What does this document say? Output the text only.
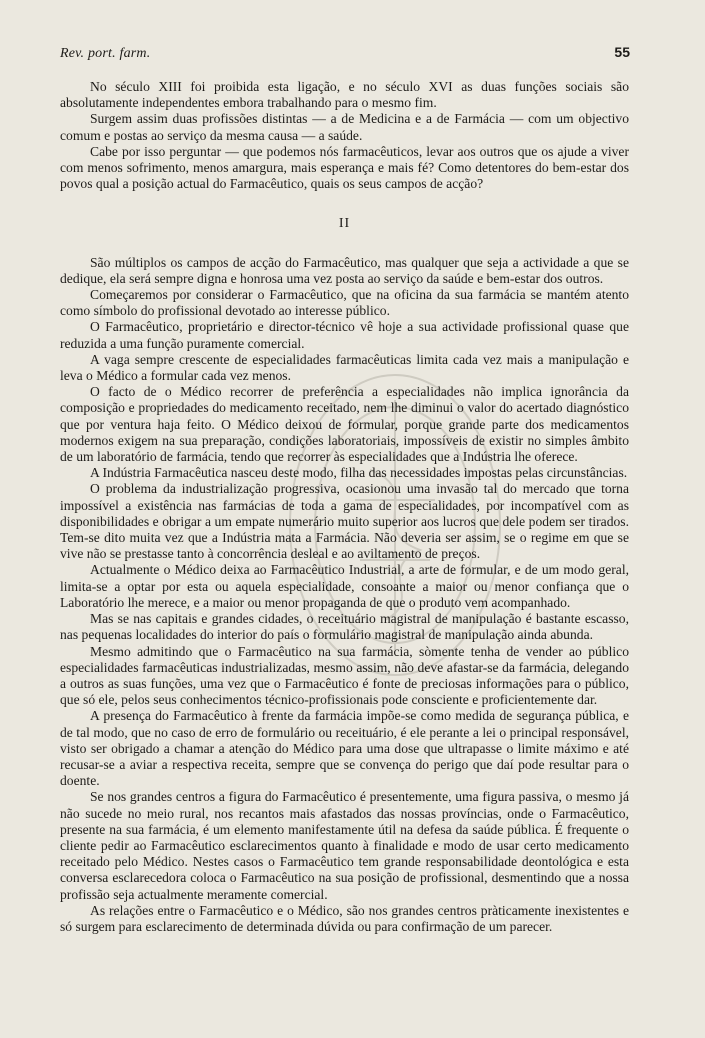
Rev. port. farm.	55

No século XIII foi proibida esta ligação, e no século XVI as duas funções sociais são absolutamente independentes embora trabalhando para o mesmo fim.

Surgem assim duas profissões distintas — a de Medicina e a de Farmácia — com um objectivo comum e postas ao serviço da mesma causa — a saúde.

Cabe por isso perguntar — que podemos nós farmacêuticos, levar aos outros que os ajude a viver com menos sofrimento, menos amargura, mais esperança e mais fé? Como detentores do bem-estar dos povos qual a posição actual do Farmacêutico, quais os seus campos de acção?

II

São múltiplos os campos de acção do Farmacêutico, mas qualquer que seja a actividade a que se dedique, ela será sempre digna e honrosa uma vez posta ao serviço da saúde e bem-estar dos outros.

Começaremos por considerar o Farmacêutico, que na oficina da sua farmácia se mantém atento como símbolo do profissional devotado ao interesse público.

O Farmacêutico, proprietário e director-técnico vê hoje a sua actividade profissional quase que reduzida a uma função puramente comercial.

A vaga sempre crescente de especialidades farmacêuticas limita cada vez mais a manipulação e leva o Médico a formular cada vez menos.

O facto de o Médico recorrer de preferência a especialidades não implica ignorância da composição e propriedades do medicamento receitado, nem lhe diminui o valor do acertado diagnóstico que por ventura haja feito. O Médico deixou de formular, porque grande parte dos medicamentos modernos exigem na sua preparação, condições laboratoriais, impossíveis de existir no simples âmbito de um laboratório de farmácia, tendo que recorrer às especialidades que a Indústria lhe oferece.

A Indústria Farmacêutica nasceu deste modo, filha das necessidades impostas pelas circunstâncias.

O problema da industrialização progressiva, ocasionou uma invasão tal do mercado que torna impossível a existência nas farmácias de toda a gama de especialidades, por incompatível com as disponibilidades e obrigar a um empate numerário muito superior aos lucros que dele podem ser tirados. Tem-se dito muita vez que a Indústria mata a Farmácia. Não deveria ser assim, se o regime em que se vive não se prestasse tanto à concorrência desleal e ao aviltamento de preços.

Actualmente o Médico deixa ao Farmacêutico Industrial, a arte de formular, e de um modo geral, limita-se a optar por esta ou aquela especialidade, consoante a maior ou menor confiança que o Laboratório lhe merece, e a maior ou menor propaganda de que o produto vem acompanhado.

Mas se nas capitais e grandes cidades, o receituário magistral de manipulação é bastante escasso, nas pequenas localidades do interior do país o formulário magistral de manipulação ainda abunda.

Mesmo admitindo que o Farmacêutico na sua farmácia, sòmente tenha de vender ao público especialidades farmacêuticas industrializadas, mesmo assim, não deve afastar-se da farmácia, delegando a outros as suas funções, uma vez que o Farmacêutico é fonte de preciosas informações para o público, que só ele, pelos seus conhecimentos técnico-profissionais pode consciente e proficientemente dar.

A presença do Farmacêutico à frente da farmácia impõe-se como medida de segurança pública, e de tal modo, que no caso de erro de formulário ou receituário, é ele perante a lei o principal responsável, visto ser obrigado a chamar a atenção do Médico para uma dose que ultrapasse o limite máximo e até recusar-se a aviar a respectiva receita, sempre que se convença do perigo que daí pode resultar para o doente.

Se nos grandes centros a figura do Farmacêutico é presentemente, uma figura passiva, o mesmo já não sucede no meio rural, nos recantos mais afastados das nossas províncias, onde o Farmacêutico, presente na sua farmácia, é um elemento manifestamente útil na defesa da saúde pública. É frequente o cliente pedir ao Farmacêutico esclarecimentos quanto à finalidade e modo de usar certo medicamento receitado pelo Médico. Nestes casos o Farmacêutico tem grande responsabilidade deontológica e esta conversa esclarecedora coloca o Farmacêutico na sua posição de profissional, desmentindo que a nossa profissão seja actualmente meramente comercial.

As relações entre o Farmacêutico e o Médico, são nos grandes centros pràticamente inexistentes e só surgem para esclarecimento de determinada dúvida ou para confirmação de um parecer.
